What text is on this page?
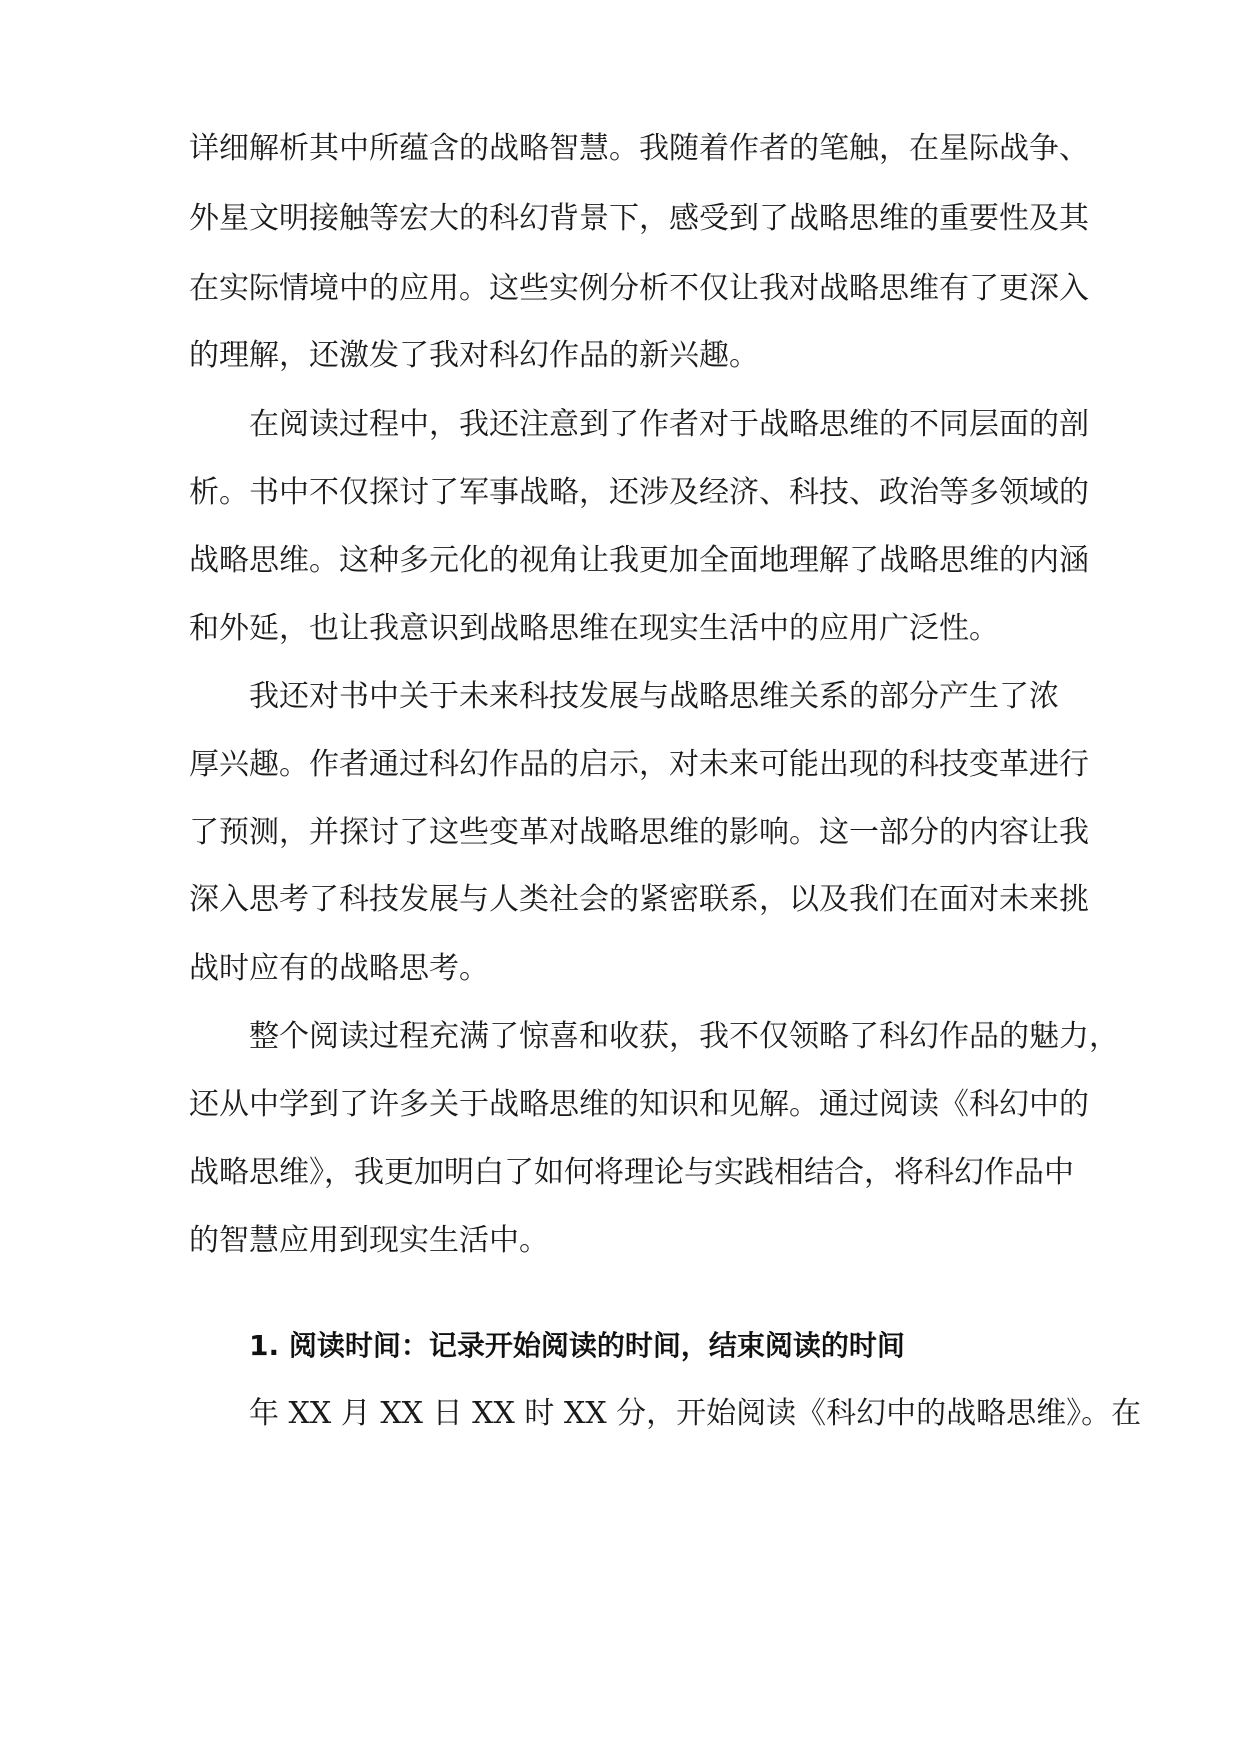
详细解析其中所蕴含的战略智慧。我随着作者的笔触，在星际战争、

外星文明接触等宏大的科幻背景下，感受到了战略思维的重要性及其

在实际情境中的应用。这些实例分析不仅让我对战略思维有了更深入

的理解，还激发了我对科幻作品的新兴趣。

在阅读过程中，我还注意到了作者对于战略思维的不同层面的剖

析。书中不仅探讨了军事战略，还涉及经济、科技、政治等多领域的

战略思维。这种多元化的视角让我更加全面地理解了战略思维的内涵

和外延，也让我意识到战略思维在现实生活中的应用广泛性。

我还对书中关于未来科技发展与战略思维关系的部分产生了浓

厚兴趣。作者通过科幻作品的启示，对未来可能出现的科技变革进行

了预测，并探讨了这些变革对战略思维的影响。这一部分的内容让我

深入思考了科技发展与人类社会的紧密联系，以及我们在面对未来挑

战时应有的战略思考。

整个阅读过程充满了惊喜和收获，我不仅领略了科幻作品的魅力，

还从中学到了许多关于战略思维的知识和见解。通过阅读《科幻中的

战略思维》，我更加明白了如何将理论与实践相结合，将科幻作品中

的智慧应用到现实生活中。

1. 阅读时间：记录开始阅读的时间，结束阅读的时间

年 XX 月 XX 日 XX 时 XX 分，开始阅读《科幻中的战略思维》。在
